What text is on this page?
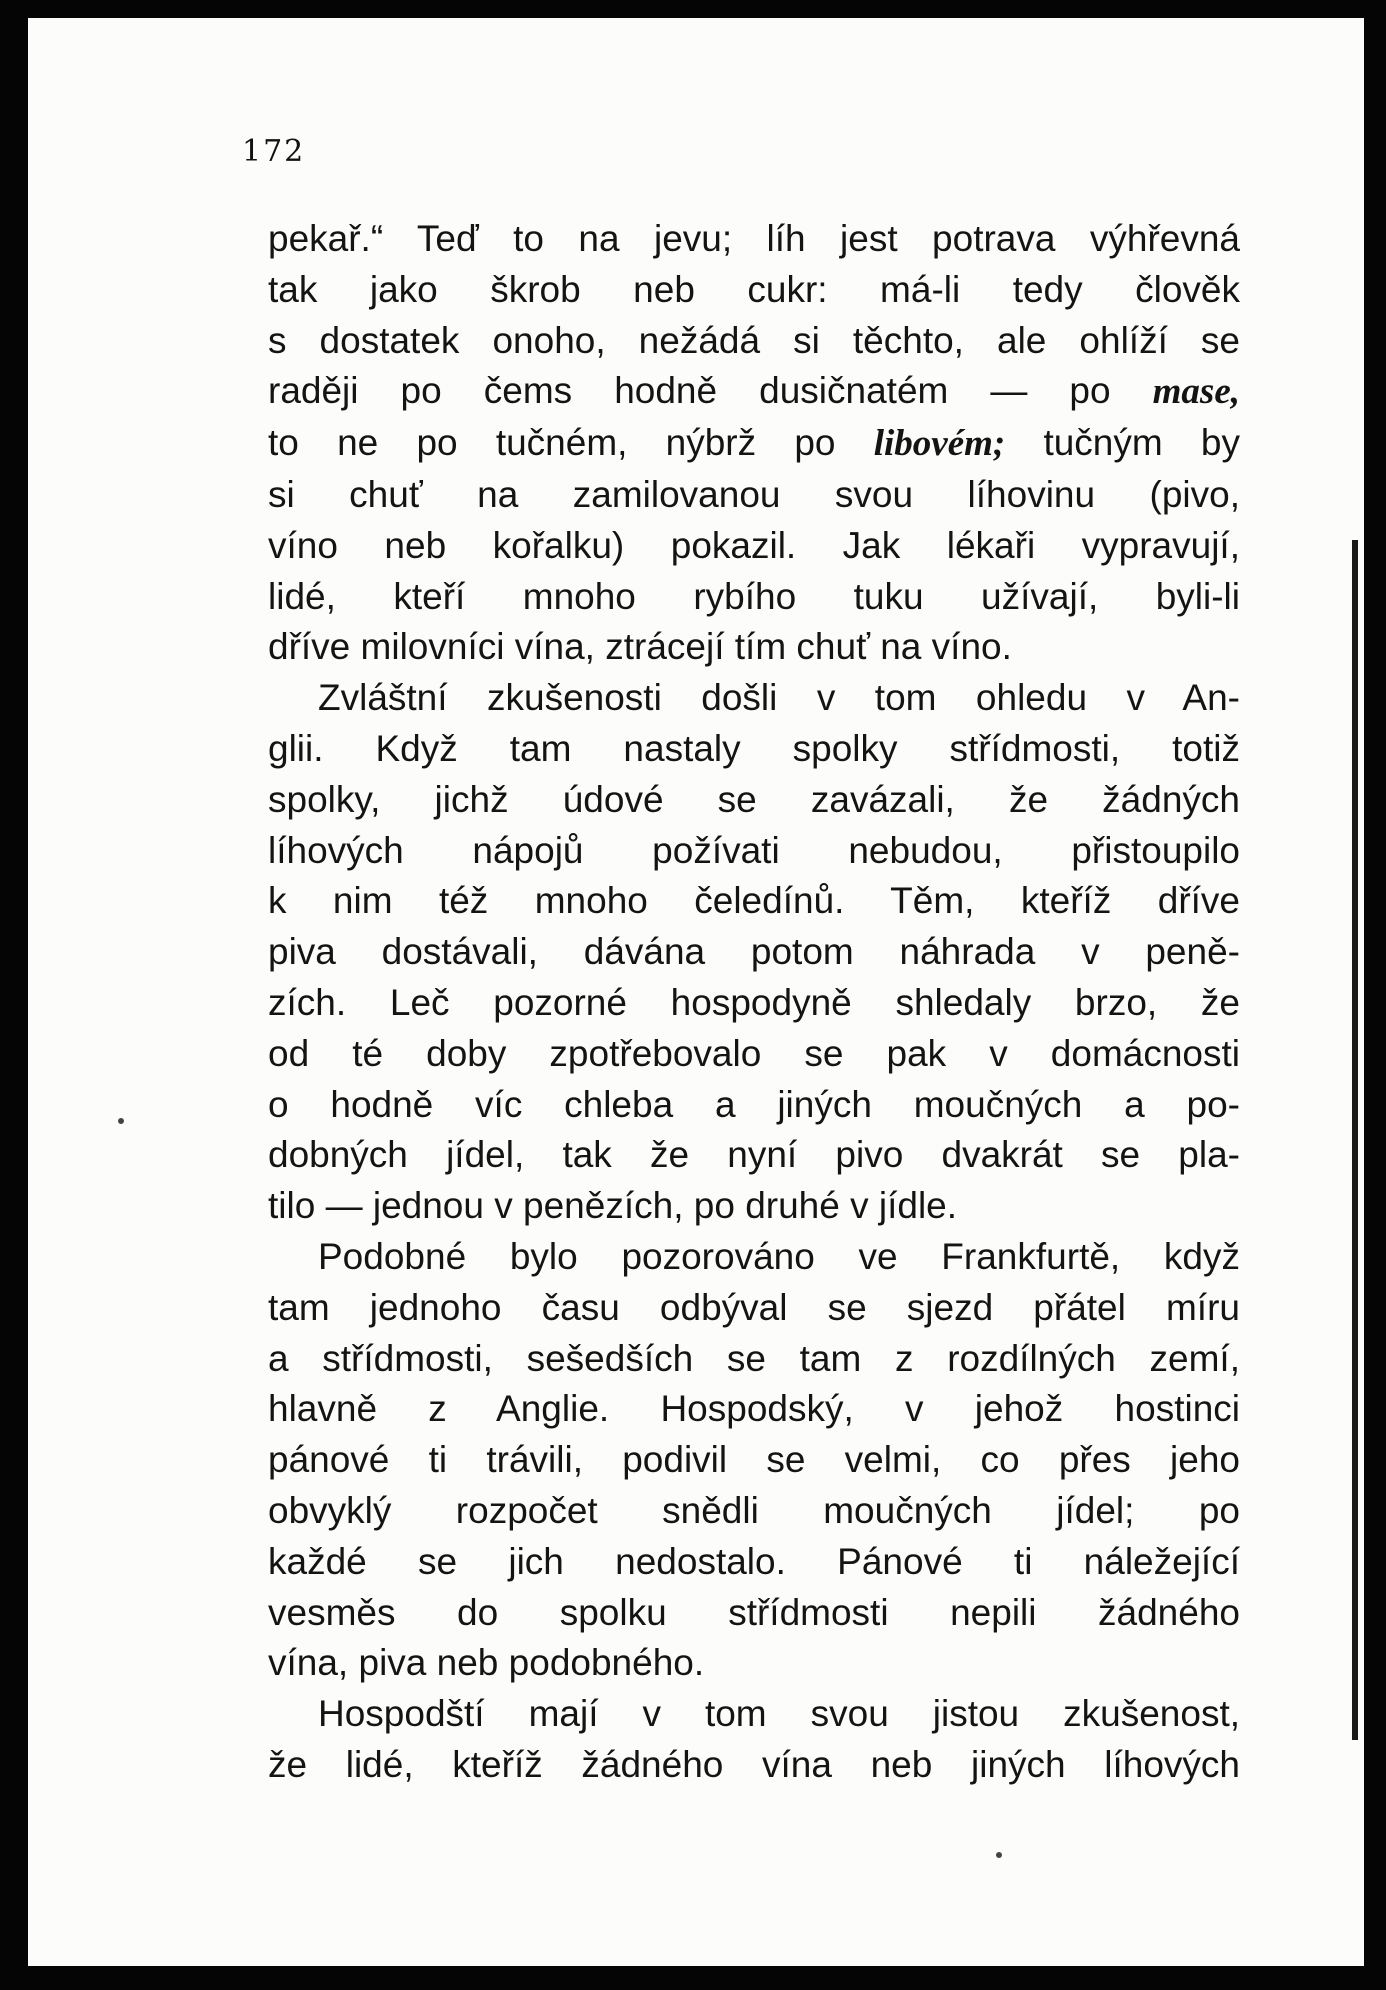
172

pekař.“ Teď to na jevu; líh jest potrava výhřevná
tak jako škrob neb cukr: má-li tedy člověk
s dostatek onoho, nežádá si těchto, ale ohlíží se
raději po čems hodně dusičnatém — po mase,
to ne po tučném, nýbrž po libovém; tučným by
si chuť na zamilovanou svou líhovinu (pivo,
víno neb kořalku) pokazil. Jak lékaři vypravují,
lidé, kteří mnoho rybího tuku užívají, byli-li
dříve milovníci vína, ztrácejí tím chuť na víno.
Zvláštní zkušenosti došli v tom ohledu v An-
glii. Když tam nastaly spolky střídmosti, totiž
spolky, jichž údové se zavázali, že žádných
líhových nápojů požívati nebudou, přistoupilo
k nim též mnoho čeledínů. Těm, kteříž dříve
piva dostávali, dávána potom náhrada v peně-
zích. Leč pozorné hospodyně shledaly brzo, že
od té doby zpotřebovalo se pak v domácnosti
o hodně víc chleba a jiných moučných a po-
dobných jídel, tak že nyní pivo dvakrát se pla-
tilo — jednou v penězích, po druhé v jídle.
Podobné bylo pozorováno ve Frankfurtě, když
tam jednoho času odbýval se sjezd přátel míru
a střídmosti, sešedších se tam z rozdílných zemí,
hlavně z Anglie. Hospodský, v jehož hostinci
pánové ti trávili, podivil se velmi, co přes jeho
obvyklý rozpočet snědli moučných jídel; po
každé se jich nedostalo. Pánové ti náležející
vesměs do spolku střídmosti nepili žádného
vína, piva neb podobného.
Hospodští mají v tom svou jistou zkušenost,
že lidé, kteříž žádného vína neb jiných líhových
